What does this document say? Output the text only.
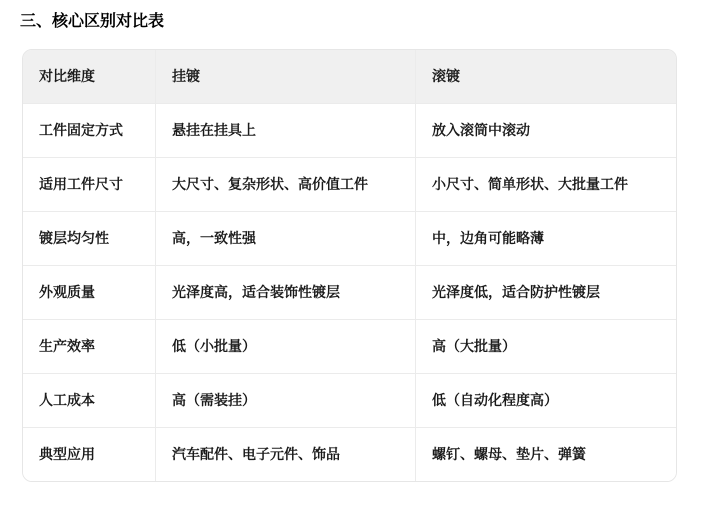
三、核心区别对比表
对比维度	挂镀	滚镀
工件固定方式	悬挂在挂具上	放入滚筒中滚动
适用工件尺寸	大尺寸、复杂形状、高价值工件	小尺寸、简单形状、大批量工件
镀层均匀性	高，一致性强	中，边角可能略薄
外观质量	光泽度高，适合装饰性镀层	光泽度低，适合防护性镀层
生产效率	低（小批量）	高（大批量）
人工成本	高（需装挂）	低（自动化程度高）
典型应用	汽车配件、电子元件、饰品	螺钉、螺母、垫片、弹簧
